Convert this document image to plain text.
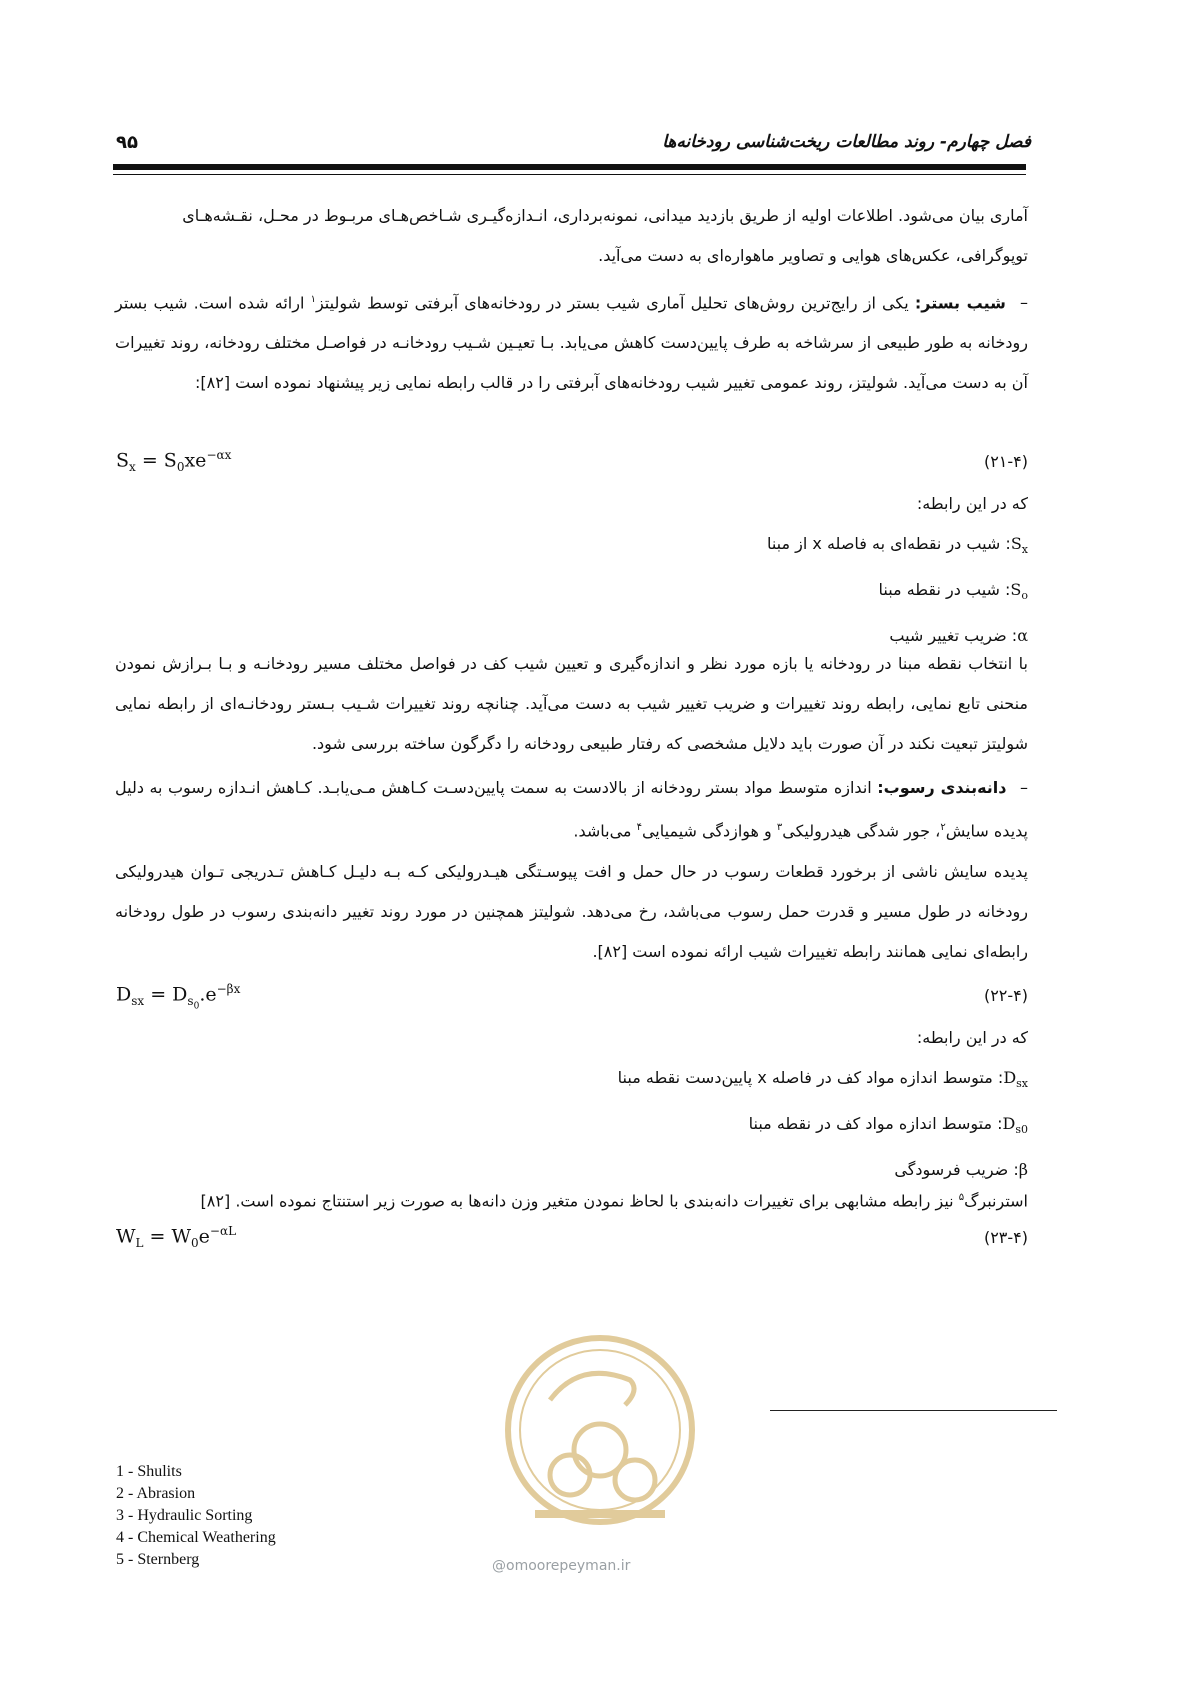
فصل چهارم- روند مطالعات ریخت‌شناسی رودخانه‌ها
۹۵
آماری بیان می‌شود. اطلاعات اولیه از طریق بازدید میدانی، نمونه‌برداری، انـدازه‌گیـری شـاخص‌هـای مربـوط در محـل، نقـشه‌هـای
توپوگرافی، عکس‌های هوایی و تصاویر ماهواره‌ای به دست می‌آید.
– شیب بستر: یکی از رایج‌ترین روش‌های تحلیل آماری شیب بستر در رودخانه‌های آبرفتی توسط شولیتز$^۱$ ارائه شده است. شیب بستر رودخانه به طور طبیعی از سرشاخه به طرف پایین‌دست کاهش می‌یابد. بـا تعیـین شـیب رودخانـه در فواصـل مختلف رودخانه، روند تغییرات آن به دست می‌آید. شولیتز، روند عمومی تغییر شیب رودخانه‌های آبرفتی را در قالب رابطه نمایی زیر پیشنهاد نموده است [۸۲]:
$S_x = S_0xe^{-\alpha x}$	(۲۱-۴)
که در این رابطه:
$S_x$: شیب در نقطه‌ای به فاصله x از مبنا
$S_o$: شیب در نقطه مبنا
α: ضریب تغییر شیب
با انتخاب نقطه مبنا در رودخانه یا بازه مورد نظر و اندازه‌گیری و تعیین شیب کف در فواصل مختلف مسیر رودخانـه و بـا بـرازش نمودن منحنی تابع نمایی، رابطه روند تغییرات و ضریب تغییر شیب به دست می‌آید. چنانچه روند تغییرات شـیب بـستر رودخانـه‌ای از رابطه نمایی شولیتز تبعیت نکند در آن صورت باید دلایل مشخصی که رفتار طبیعی رودخانه را دگرگون ساخته بررسی شود.
– دانه‌بندی رسوب: اندازه متوسط مواد بستر رودخانه از بالادست به سمت پایین‌دسـت کـاهش مـی‌یابـد. کـاهش انـدازه رسوب به دلیل پدیده سایش$^۲$، جور شدگی هیدرولیکی$^۳$ و هوازدگی شیمیایی$^۴$ می‌باشد.
پدیده سایش ناشی از برخورد قطعات رسوب در حال حمل و افت پیوسـتگی هیـدرولیکی کـه بـه دلیـل کـاهش تـدریجی تـوان هیدرولیکی رودخانه در طول مسیر و قدرت حمل رسوب می‌باشد، رخ می‌دهد. شولیتز همچنین در مورد روند تغییر دانه‌بندی رسوب در طول رودخانه رابطه‌ای نمایی همانند رابطه تغییرات شیب ارائه نموده است [۸۲].
$D_{sx} = D_{s_0}.e^{-\beta x}$	(۲۲-۴)
که در این رابطه:
$D_{sx}$: متوسط اندازه مواد کف در فاصله x پایین‌دست نقطه مبنا
$D_{s0}$: متوسط اندازه مواد کف در نقطه مبنا
β: ضریب فرسودگی
استرنبرگ$^۵$ نیز رابطه مشابهی برای تغییرات دانه‌بندی با لحاظ نمودن متغیر وزن دانه‌ها به صورت زیر استنتاج نموده است. [۸۲]
$W_L = W_0e^{-\alpha L}$	(۲۳-۴)
@omoorepeyman.ir
1 - Shulits
2 - Abrasion
3 - Hydraulic Sorting
4 - Chemical Weathering
5 - Sternberg
